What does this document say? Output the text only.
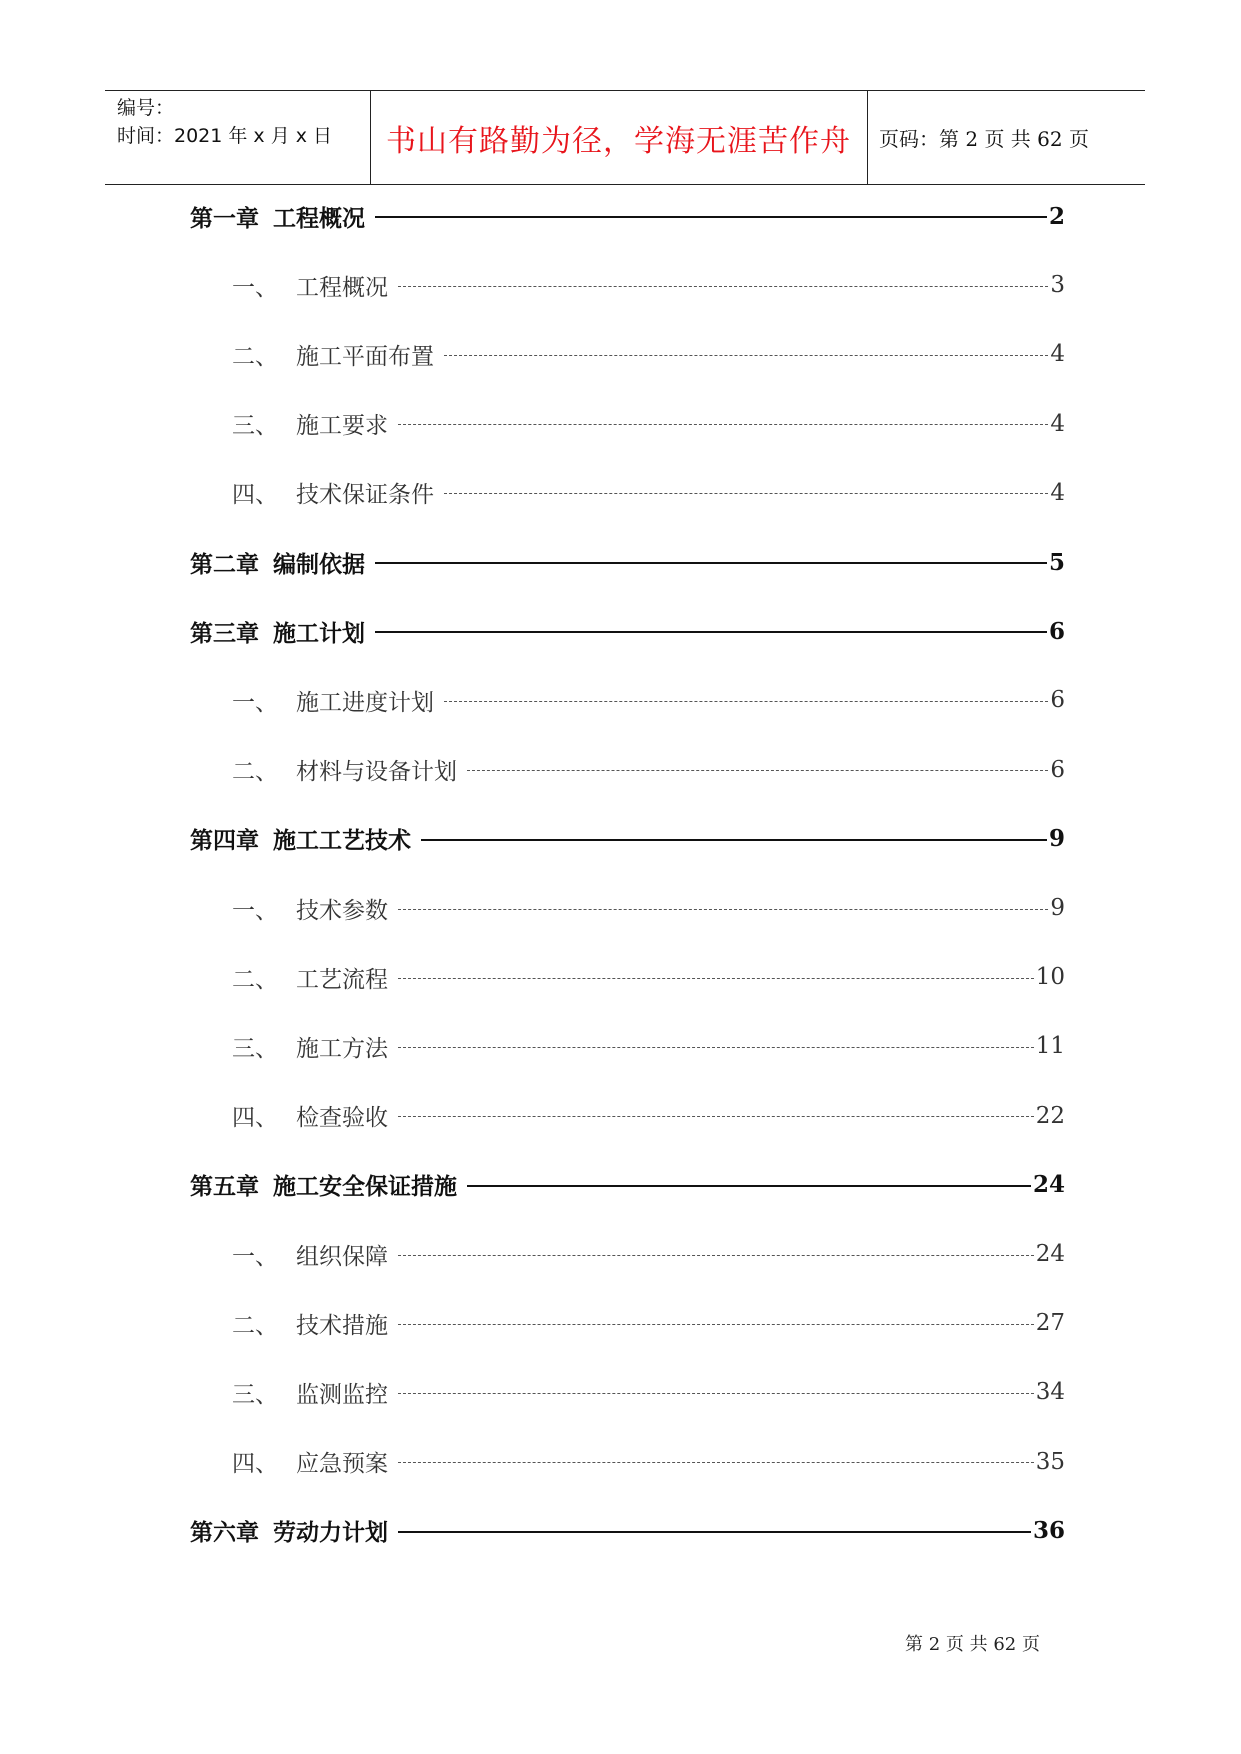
编号：
时间：2021 年 x 月 x 日 书山有路勤为径，学海无涯苦作舟 页码：第 2 页 共 62 页
第一章 工程概况	2
一、 工程概况	3
二、 施工平面布置	4
三、 施工要求	4
四、 技术保证条件	4
第二章 编制依据	5
第三章 施工计划	6
一、 施工进度计划	6
二、 材料与设备计划	6
第四章 施工工艺技术	9
一、 技术参数	9
二、 工艺流程	10
三、 施工方法	11
四、 检查验收	22
第五章 施工安全保证措施	24
一、 组织保障	24
二、 技术措施	27
三、 监测监控	34
四、 应急预案	35
第六章 劳动力计划	36
第 2 页 共 62 页
